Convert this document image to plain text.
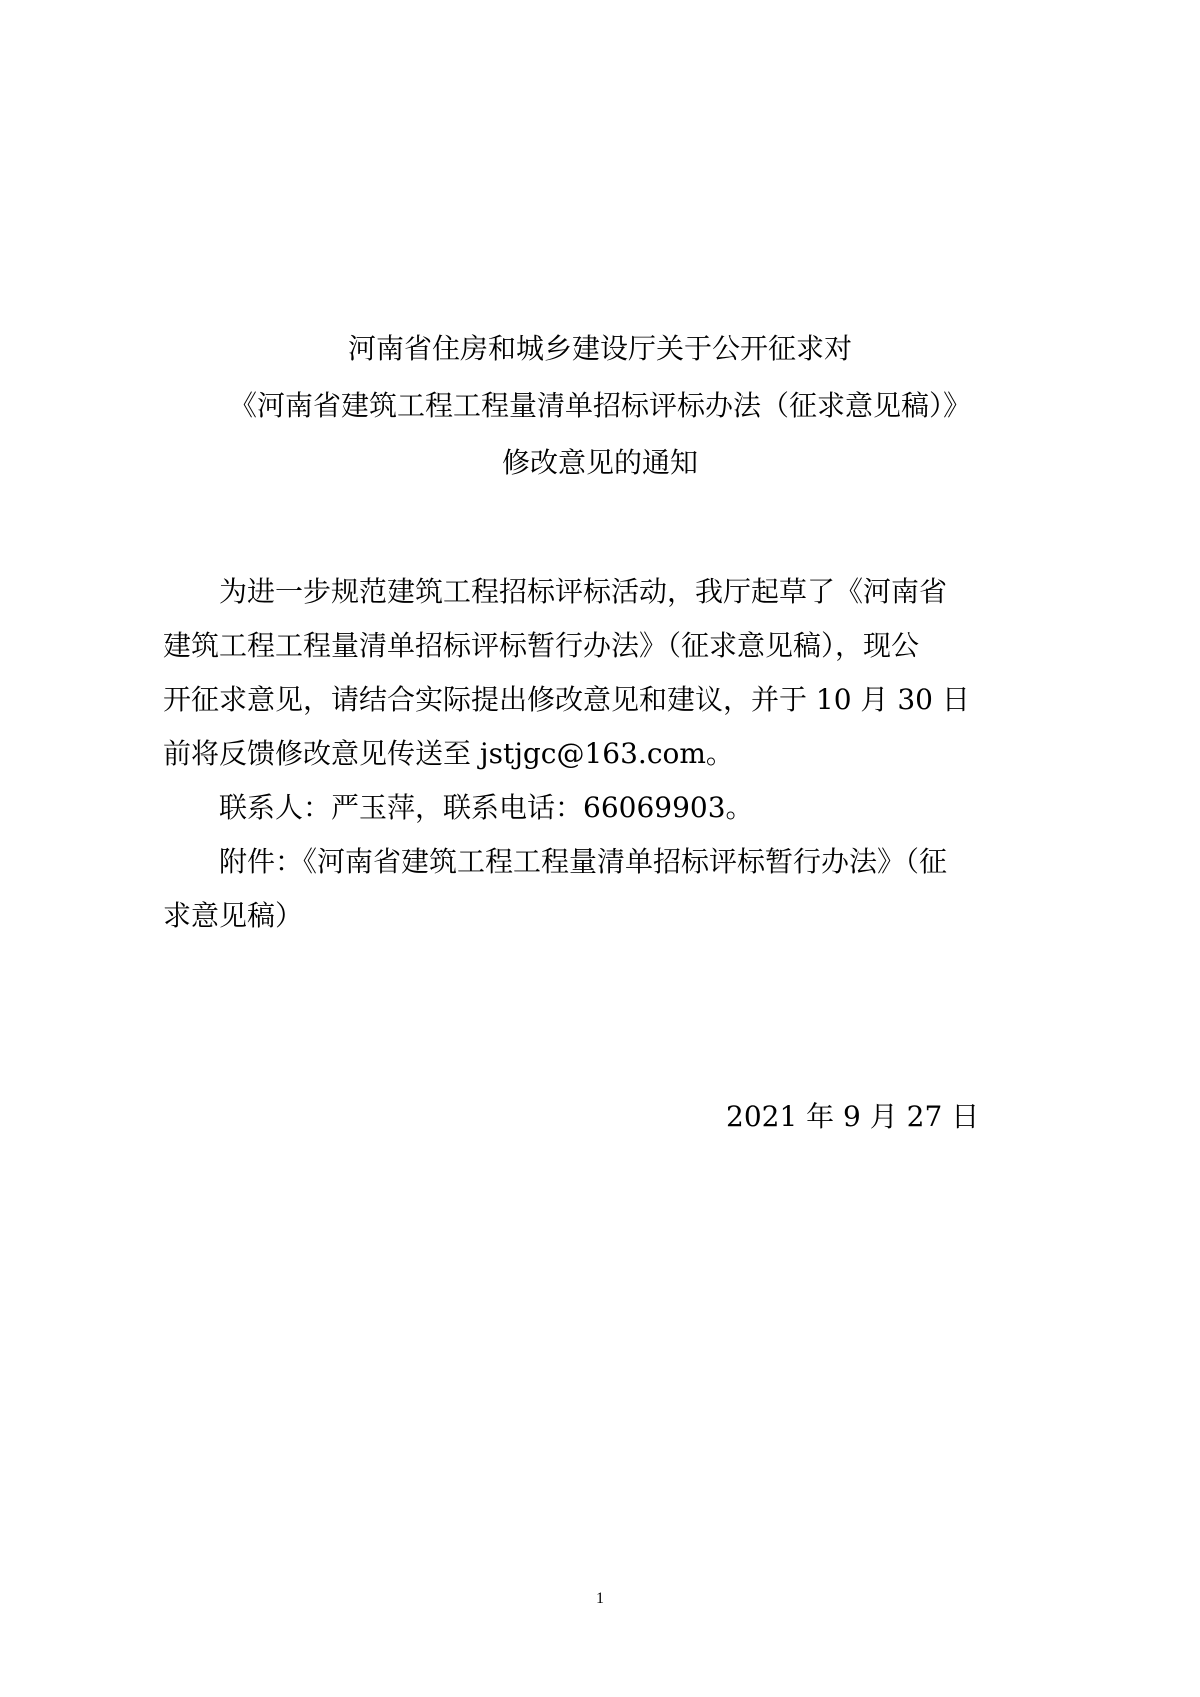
河南省住房和城乡建设厅关于公开征求对
《河南省建筑工程工程量清单招标评标办法（征求意见稿）》
修改意见的通知
为进一步规范建筑工程招标评标活动，我厅起草了《河南省
建筑工程工程量清单招标评标暂行办法》（征求意见稿），现公
开征求意见，请结合实际提出修改意见和建议，并于 10 月 30 日
前将反馈修改意见传送至 jstjgc@163.com。
联系人：严玉萍，联系电话：66069903。
附件：《河南省建筑工程工程量清单招标评标暂行办法》（征
求意见稿）
2021 年 9 月 27 日
1
